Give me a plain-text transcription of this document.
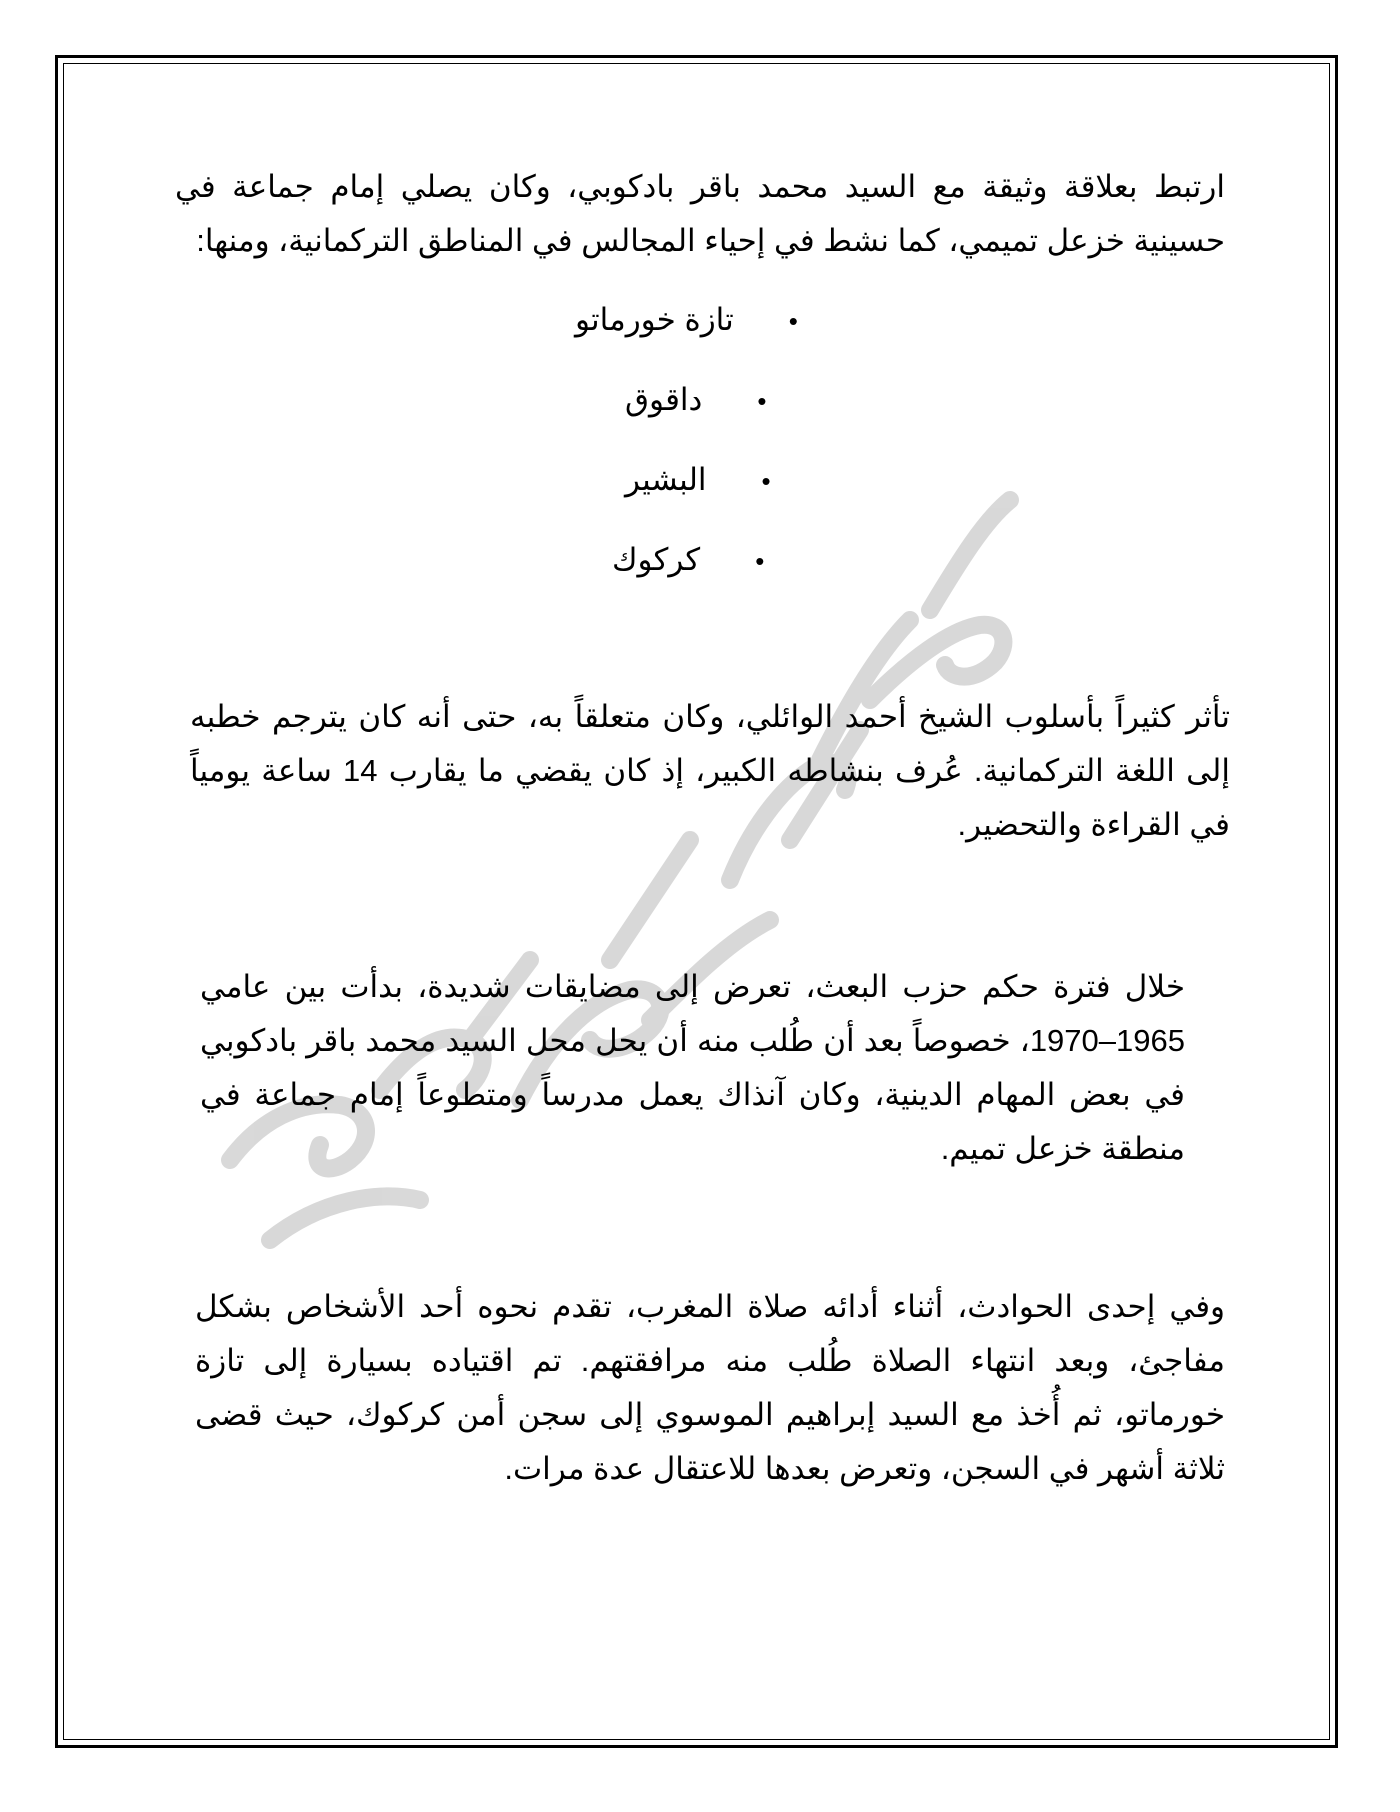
ارتبط بعلاقة وثيقة مع السيد محمد باقر بادكوبي، وكان يصلي إمام جماعة في حسينية خزعل تميمي، كما نشط في إحياء المجالس في المناطق التركمانية، ومنها:

•تازة خورماتو
•داقوق
•البشير
•كركوك

تأثر كثيراً بأسلوب الشيخ أحمد الوائلي، وكان متعلقاً به، حتى أنه كان يترجم خطبه إلى اللغة التركمانية. عُرف بنشاطه الكبير، إذ كان يقضي ما يقارب 14 ساعة يومياً في القراءة والتحضير.

خلال فترة حكم حزب البعث، تعرض إلى مضايقات شديدة، بدأت بين عامي 1965–1970، خصوصاً بعد أن طُلب منه أن يحل محل السيد محمد باقر بادكوبي في بعض المهام الدينية، وكان آنذاك يعمل مدرساً ومتطوعاً إمام جماعة في منطقة خزعل تميم.

وفي إحدى الحوادث، أثناء أدائه صلاة المغرب، تقدم نحوه أحد الأشخاص بشكل مفاجئ، وبعد انتهاء الصلاة طُلب منه مرافقتهم. تم اقتياده بسيارة إلى تازة خورماتو، ثم أُخذ مع السيد إبراهيم الموسوي إلى سجن أمن كركوك، حيث قضى ثلاثة أشهر في السجن، وتعرض بعدها للاعتقال عدة مرات.
